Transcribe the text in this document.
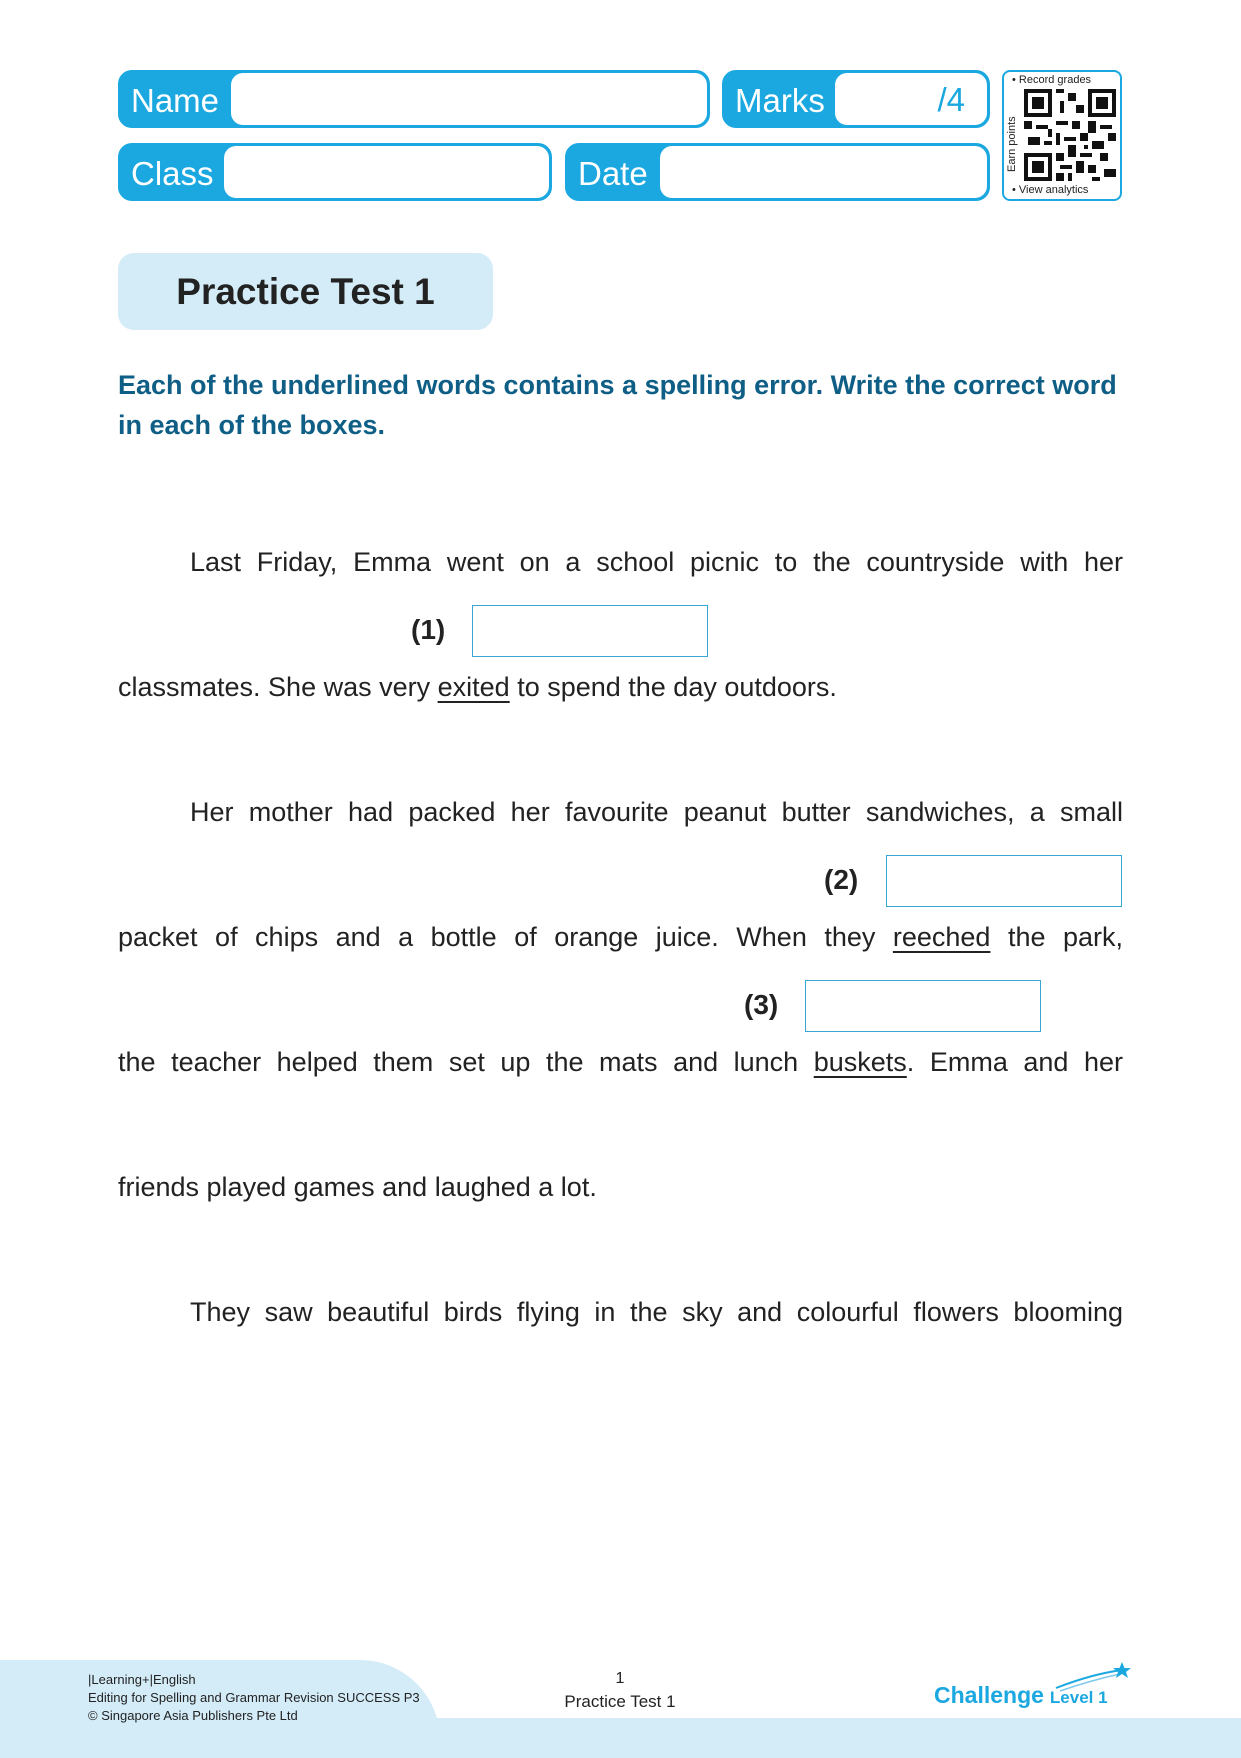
Name	Marks	/4
Class	Date
• Record grades
Earn points
• View analytics
Practice Test 1
Each of the underlined words contains a spelling error. Write the correct word in each of the boxes.
Last Friday, Emma went on a school picnic to the countryside with her
(1)
classmates. She was very exited to spend the day outdoors.
Her mother had packed her favourite peanut butter sandwiches, a small
(2)
packet of chips and a bottle of orange juice. When they reeched the park,
(3)
the teacher helped them set up the mats and lunch buskets. Emma and her
friends played games and laughed a lot.
They saw beautiful birds flying in the sky and colourful flowers blooming
|Learning+|English
Editing for Spelling and Grammar Revision SUCCESS P3
© Singapore Asia Publishers Pte Ltd
1
Practice Test 1	Challenge Level 1
